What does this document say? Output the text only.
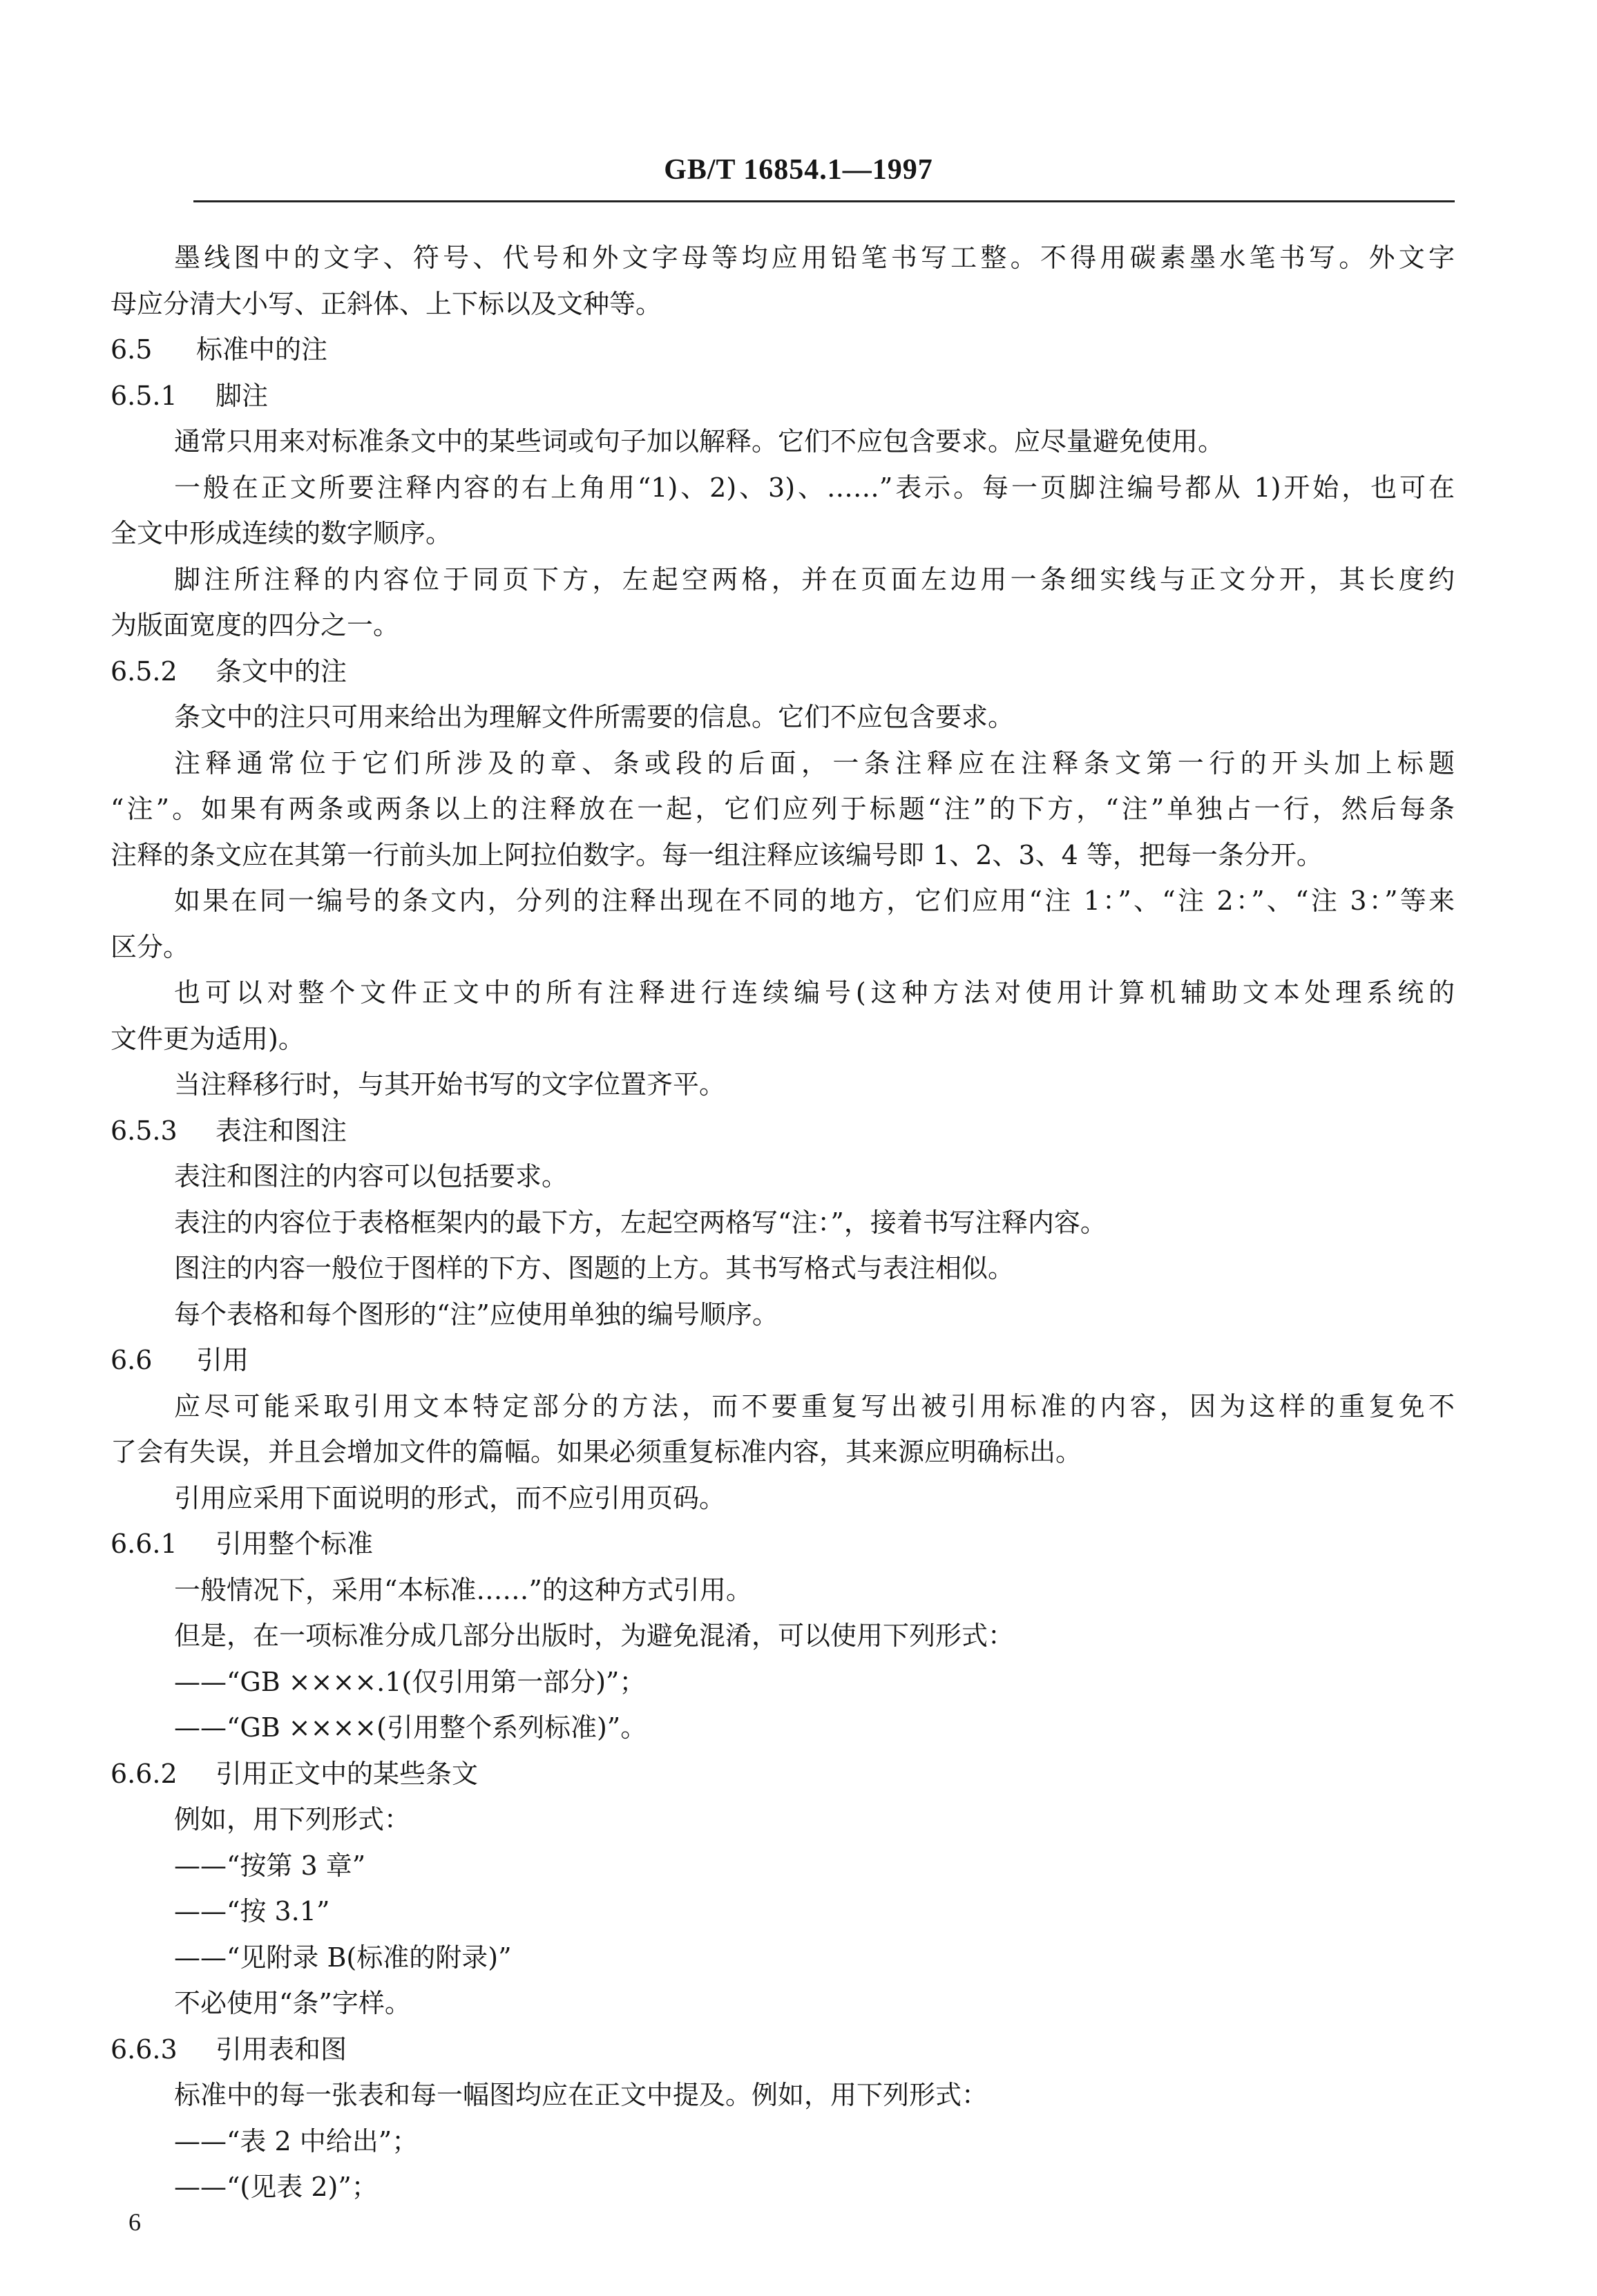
GB/T 16854.1—1997
墨线图中的文字、符号、代号和外文字母等均应用铅笔书写工整。不得用碳素墨水笔书写。外文字
母应分清大小写、正斜体、上下标以及文种等。
6.5 标准中的注
6.5.1 脚注
通常只用来对标准条文中的某些词或句子加以解释。它们不应包含要求。应尽量避免使用。
一般在正文所要注释内容的右上角用“1)、2)、3)、……”表示。每一页脚注编号都从 1)开始，也可在
全文中形成连续的数字顺序。
脚注所注释的内容位于同页下方，左起空两格，并在页面左边用一条细实线与正文分开，其长度约
为版面宽度的四分之一。
6.5.2 条文中的注
条文中的注只可用来给出为理解文件所需要的信息。它们不应包含要求。
注释通常位于它们所涉及的章、条或段的后面，一条注释应在注释条文第一行的开头加上标题
“注”。如果有两条或两条以上的注释放在一起，它们应列于标题“注”的下方，“注”单独占一行，然后每条
注释的条文应在其第一行前头加上阿拉伯数字。每一组注释应该编号即 1、2、3、4 等，把每一条分开。
如果在同一编号的条文内，分列的注释出现在不同的地方，它们应用“注 1：”、“注 2：”、“注 3：”等来
区分。
也可以对整个文件正文中的所有注释进行连续编号(这种方法对使用计算机辅助文本处理系统的
文件更为适用)。
当注释移行时，与其开始书写的文字位置齐平。
6.5.3 表注和图注
表注和图注的内容可以包括要求。
表注的内容位于表格框架内的最下方，左起空两格写“注：”，接着书写注释内容。
图注的内容一般位于图样的下方、图题的上方。其书写格式与表注相似。
每个表格和每个图形的“注”应使用单独的编号顺序。
6.6 引用
应尽可能采取引用文本特定部分的方法，而不要重复写出被引用标准的内容，因为这样的重复免不
了会有失误，并且会增加文件的篇幅。如果必须重复标准内容，其来源应明确标出。
引用应采用下面说明的形式，而不应引用页码。
6.6.1 引用整个标准
一般情况下，采用“本标准……”的这种方式引用。
但是，在一项标准分成几部分出版时，为避免混淆，可以使用下列形式：
——“GB ××××.1(仅引用第一部分)”；
——“GB ××××(引用整个系列标准)”。
6.6.2 引用正文中的某些条文
例如，用下列形式：
——“按第 3 章”
——“按 3.1”
——“见附录 B(标准的附录)”
不必使用“条”字样。
6.6.3 引用表和图
标准中的每一张表和每一幅图均应在正文中提及。例如，用下列形式：
——“表 2 中给出”；
——“(见表 2)”；
6
